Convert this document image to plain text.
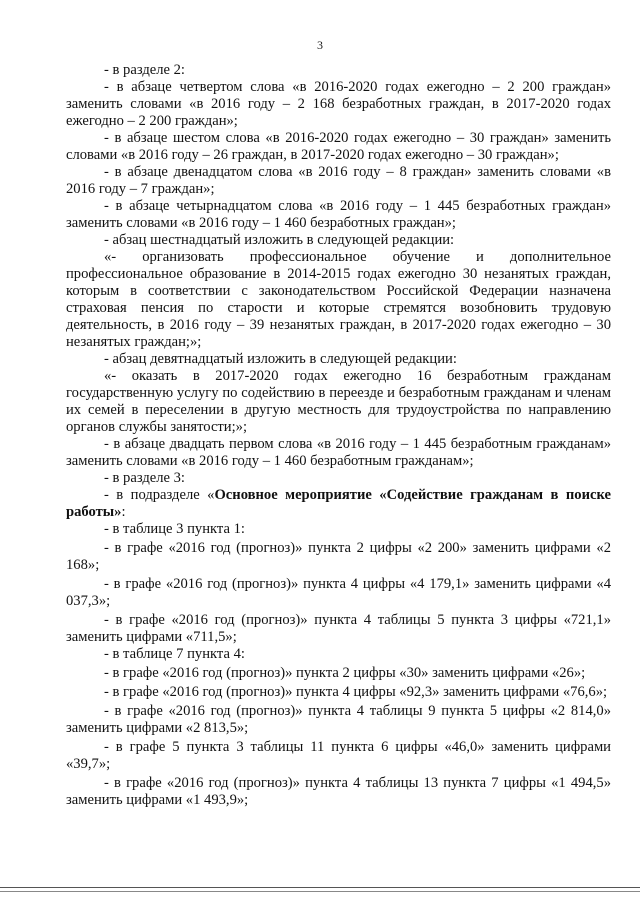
3

- в разделе 2:

- в абзаце четвертом слова «в 2016-2020 годах ежегодно – 2 200 граждан» заменить словами «в 2016 году – 2 168 безработных граждан, в 2017-2020 годах ежегодно – 2 200 граждан»;

- в абзаце шестом слова «в 2016-2020 годах ежегодно – 30 граждан» заменить словами «в 2016 году – 26 граждан, в 2017-2020 годах ежегодно – 30 граждан»;

- в абзаце двенадцатом слова «в 2016 году – 8 граждан» заменить словами «в 2016 году – 7 граждан»;

- в абзаце четырнадцатом слова «в 2016 году – 1 445 безработных граждан» заменить словами «в 2016 году – 1 460 безработных граждан»;

- абзац шестнадцатый изложить в следующей редакции:

«- организовать профессиональное обучение и дополнительное профессиональное образование в 2014-2015 годах ежегодно 30 незанятых граждан, которым в соответствии с законодательством Российской Федерации назначена страховая пенсия по старости и которые стремятся возобновить трудовую деятельность, в 2016 году – 39 незанятых граждан, в 2017-2020 годах ежегодно – 30 незанятых граждан;»;

- абзац девятнадцатый изложить в следующей редакции:

«- оказать в 2017-2020 годах ежегодно 16 безработным гражданам государственную услугу по содействию в переезде и безработным гражданам и членам их семей в переселении в другую местность для трудоустройства по направлению органов службы занятости;»;

- в абзаце двадцать первом слова «в 2016 году – 1 445 безработным гражданам» заменить словами «в 2016 году – 1 460 безработным гражданам»;

- в разделе 3:

- в подразделе «Основное мероприятие «Содействие гражданам в поиске работы»:

- в таблице 3 пункта 1:

- в графе «2016 год (прогноз)» пункта 2 цифры «2 200» заменить цифрами «2 168»;

- в графе «2016 год (прогноз)» пункта 4 цифры «4 179,1» заменить цифрами «4 037,3»;

- в графе «2016 год (прогноз)» пункта 4 таблицы 5 пункта 3 цифры «721,1» заменить цифрами «711,5»;

- в таблице 7 пункта 4:

- в графе «2016 год (прогноз)» пункта 2 цифры «30» заменить цифрами «26»;

- в графе «2016 год (прогноз)» пункта 4 цифры «92,3» заменить цифрами «76,6»;

- в графе «2016 год (прогноз)» пункта 4 таблицы 9 пункта 5 цифры «2 814,0» заменить цифрами «2 813,5»;

- в графе 5 пункта 3 таблицы 11 пункта 6 цифры «46,0» заменить цифрами «39,7»;

- в графе «2016 год (прогноз)» пункта 4 таблицы 13 пункта 7 цифры «1 494,5» заменить цифрами «1 493,9»;
